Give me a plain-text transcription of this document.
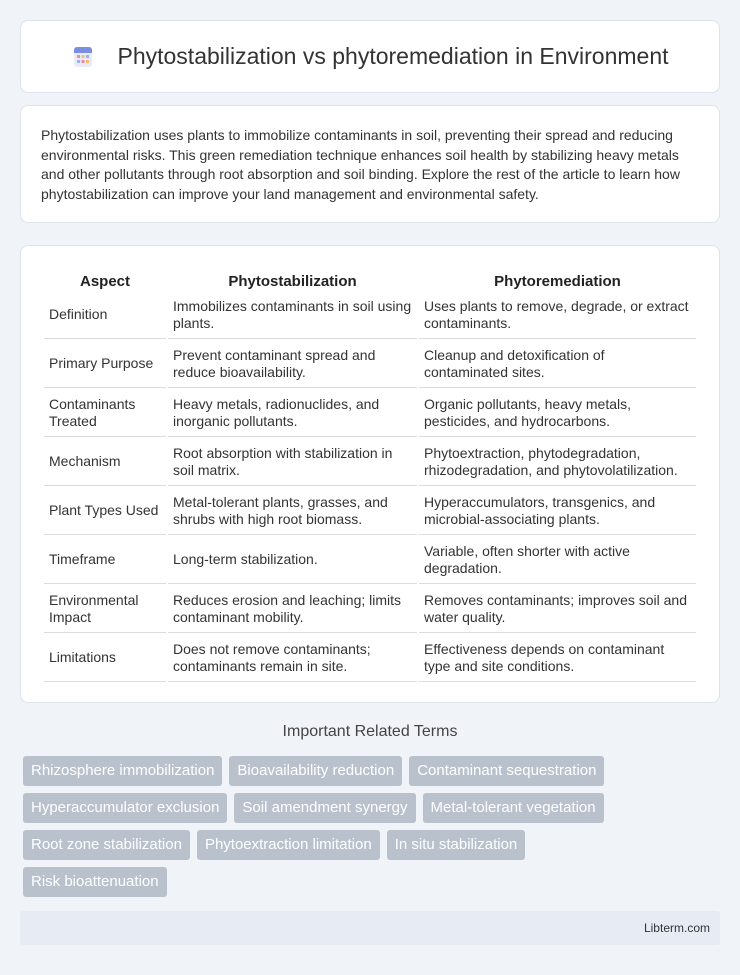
Phytostabilization vs phytoremediation in Environment

Phytostabilization uses plants to immobilize contaminants in soil, preventing their spread and reducing environmental risks. This green remediation technique enhances soil health by stabilizing heavy metals and other pollutants through root absorption and soil binding. Explore the rest of the article to learn how phytostabilization can improve your land management and environmental safety.

Aspect	Phytostabilization	Phytoremediation
Definition	Immobilizes contaminants in soil using plants.	Uses plants to remove, degrade, or extract contaminants.
Primary Purpose	Prevent contaminant spread and reduce bioavailability.	Cleanup and detoxification of contaminated sites.
Contaminants Treated	Heavy metals, radionuclides, and inorganic pollutants.	Organic pollutants, heavy metals, pesticides, and hydrocarbons.
Mechanism	Root absorption with stabilization in soil matrix.	Phytoextraction, phytodegradation, rhizodegradation, and phytovolatilization.
Plant Types Used	Metal-tolerant plants, grasses, and shrubs with high root biomass.	Hyperaccumulators, transgenics, and microbial-associating plants.
Timeframe	Long-term stabilization.	Variable, often shorter with active degradation.
Environmental Impact	Reduces erosion and leaching; limits contaminant mobility.	Removes contaminants; improves soil and water quality.
Limitations	Does not remove contaminants; contaminants remain in site.	Effectiveness depends on contaminant type and site conditions.
Important Related Terms
Rhizosphere immobilization	Bioavailability reduction	Contaminant sequestration
Hyperaccumulator exclusion	Soil amendment synergy	Metal-tolerant vegetation
Root zone stabilization	Phytoextraction limitation	In situ stabilization
Risk bioattenuation
Libterm.com
